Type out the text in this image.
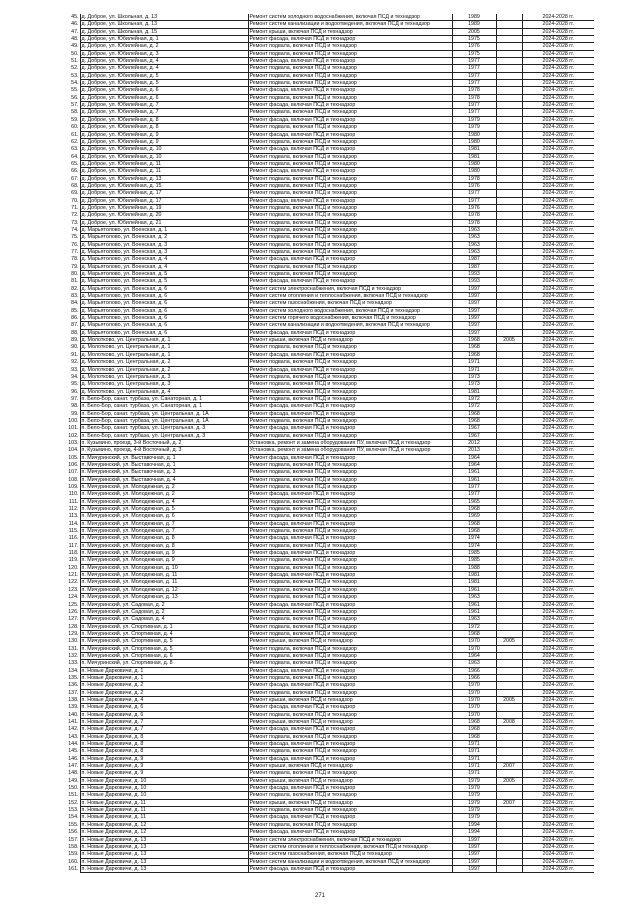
45.	д. Доброе, ул. Школьная, д. 13	Ремонт систем холодного водоснабжения, включая ПСД и технадзор	1989		2024-2028 гг.
46.	д. Доброе, ул. Школьная, д. 13	Ремонт систем канализации и водоотведения, включая ПСД и технадзор	1989		2024-2028 гг.
47.	д. Доброе, ул. Школьная, д. 15	Ремонт крыши, включая ПСД и технадзор	2005		2024-2028 гг.
48.	д. Доброе, ул. Юбилейная, д. 1	Ремонт фасада, включая ПСД и технадзор	1975		2024-2028 гг.
49.	д. Доброе, ул. Юбилейная, д. 2	Ремонт подвала, включая ПСД и технадзор	1976		2024-2028 гг.
50.	д. Доброе, ул. Юбилейная, д. 3	Ремонт подвала, включая ПСД и технадзор	1975		2024-2028 гг.
51.	д. Доброе, ул. Юбилейная, д. 4	Ремонт фасада, включая ПСД и технадзор	1977		2024-2028 гг.
52.	д. Доброе, ул. Юбилейная, д. 4	Ремонт подвала, включая ПСД и технадзор	1977		2024-2028 гг.
53.	д. Доброе, ул. Юбилейная, д. 5	Ремонт подвала, включая ПСД и технадзор	1977		2024-2028 гг.
54.	д. Доброе, ул. Юбилейная, д. 5	Ремонт подвала, включая ПСД и технадзор	1977		2024-2028 гг.
55.	д. Доброе, ул. Юбилейная, д. 6	Ремонт фасада, включая ПСД и технадзор	1978		2024-2028 гг.
56.	д. Доброе, ул. Юбилейная, д. 6	Ремонт подвала, включая ПСД и технадзор	1978		2024-2028 гг.
57.	д. Доброе, ул. Юбилейная, д. 7	Ремонт фасада, включая ПСД и технадзор	1977		2024-2028 гг.
58.	д. Доброе, ул. Юбилейная, д. 7	Ремонт подвала, включая ПСД и технадзор	1977		2024-2028 гг.
59.	д. Доброе, ул. Юбилейная, д. 8	Ремонт фасада, включая ПСД и технадзор	1979		2024-2028 гг.
60.	д. Доброе, ул. Юбилейная, д. 8	Ремонт подвала, включая ПСД и технадзор	1979		2024-2028 гг.
61.	д. Доброе, ул. Юбилейная, д. 9	Ремонт фасада, включая ПСД и технадзор	1980		2024-2028 гг.
62.	д. Доброе, ул. Юбилейная, д. 9	Ремонт подвала, включая ПСД и технадзор	1980		2024-2028 гг.
63.	д. Доброе, ул. Юбилейная, д. 10	Ремонт фасада, включая ПСД и технадзор	1981		2024-2028 гг.
64.	д. Доброе, ул. Юбилейная, д. 10	Ремонт подвала, включая ПСД и технадзор	1981		2024-2028 гг.
65.	д. Доброе, ул. Юбилейная, д. 11	Ремонт подвала, включая ПСД и технадзор	1980		2024-2028 гг.
66.	д. Доброе, ул. Юбилейная, д. 11	Ремонт фасада, включая ПСД и технадзор	1980		2024-2028 гг.
67.	д. Доброе, ул. Юбилейная, д. 13	Ремонт подвала, включая ПСД и технадзор	1978		2024-2028 гг.
68.	д. Доброе, ул. Юбилейная, д. 15	Ремонт подвала, включая ПСД и технадзор	1976		2024-2028 гг.
69.	д. Доброе, ул. Юбилейная, д. 17	Ремонт подвала, включая ПСД и технадзор	1977		2024-2028 гг.
70.	д. Доброе, ул. Юбилейная, д. 17	Ремонт фасада, включая ПСД и технадзор	1977		2024-2028 гг.
71.	д. Доброе, ул. Юбилейная, д. 19	Ремонт подвала, включая ПСД и технадзор	1976		2024-2028 гг.
72.	д. Доброе, ул. Юбилейная, д. 20	Ремонт подвала, включая ПСД и технадзор	1978		2024-2028 гг.
73.	д. Доброе, ул. Юбилейная, д. 21	Ремонт подвала, включая ПСД и технадзор	1978		2024-2028 гг.
74.	д. Марьятолово, ул. Военская, д. 1	Ремонт подвала, включая ПСД и технадзор	1963		2024-2028 гг.
75.	д. Марьятолово, ул. Военская, д. 2	Ремонт подвала, включая ПСД и технадзор	1963		2024-2028 гг.
76.	д. Марьятолово, ул. Военская, д. 3	Ремонт подвала, включая ПСД и технадзор	1963		2024-2028 гг.
77.	д. Марьятолово, ул. Военская, д. 3	Ремонт подвала, включая ПСД и технадзор	1963		2024-2028 гг.
78.	д. Марьятолово, ул. Военская, д. 4	Ремонт фасада, включая ПСД и технадзор	1987		2024-2028 гг.
79.	д. Марьятолово, ул. Военская, д. 4	Ремонт подвала, включая ПСД и технадзор	1987		2024-2028 гг.
80.	д. Марьятолово, ул. Военская, д. 5	Ремонт подвала, включая ПСД и технадзор	1993		2024-2028 гг.
81.	д. Марьятолово, ул. Военская, д. 5	Ремонт фасада, включая ПСД и технадзор	1993		2024-2028 гг.
82.	д. Марьятолово, ул. Военская, д. 6	Ремонт систем электроснабжения, включая ПСД и технадзор	1997		2024-2028 гг.
83.	д. Марьятолово, ул. Военская, д. 6	Ремонт систем отопления и теплоснабжения, включая ПСД и технадзор	1997		2024-2028 гг.
84.	д. Марьятолово, ул. Военская, д. 6	Ремонт систем газоснабжения, включая ПСД и технадзор	1997		2024-2028 гг.
85.	д. Марьятолово, ул. Военская, д. 6	Ремонт систем холодного водоснабжения, включая ПСД и технадзор	1997		2024-2028 гг.
86.	д. Марьятолово, ул. Военская, д. 6	Ремонт систем горячего водоснабжения, включая ПСД и технадзор	1997		2024-2028 гг.
87.	д. Марьятолово, ул. Военская, д. 6	Ремонт систем канализации и водоотведения, включая ПСД и технадзор	1997		2024-2028 гг.
88.	д. Марьятолово, ул. Военская, д. 6	Ремонт фасада, включая ПСД и технадзор	1997		2024-2028 гг.
89.	д. Молотково, ул. Центральная, д. 1	Ремонт крыши, включая ПСД и технадзор	1968	2005	2024-2028 гг.
90.	д. Молотково, ул. Центральная, д. 1	Ремонт подвала, включая ПСД и технадзор	1968		2024-2028 гг.
91.	д. Молотково, ул. Центральная, д. 1	Ремонт фасада, включая ПСД и технадзор	1968		2024-2028 гг.
92.	д. Молотково, ул. Центральная, д. 2	Ремонт подвала, включая ПСД и технадзор	1971		2024-2028 гг.
93.	д. Молотково, ул. Центральная, д. 2	Ремонт фасада, включая ПСД и технадзор	1971		2024-2028 гг.
94.	д. Молотково, ул. Центральная, д. 3	Ремонт подвала, включая ПСД и технадзор	1973		2024-2028 гг.
95.	д. Молотково, ул. Центральная, д. 3	Ремонт подвала, включая ПСД и технадзор	1973		2024-2028 гг.
96.	д. Молотково, ул. Центральная, д. 4	Ремонт подвала, включая ПСД и технадзор	1981		2024-2028 гг.
97.	п. Бело-Бор, санат. турбаза, ул. Санаторная, д. 1	Ремонт подвала, включая ПСД и технадзор	1972		2024-2028 гг.
98.	п. Бело-Бор, санат. турбаза, ул. Санаторная, д. 1	Ремонт фасада, включая ПСД и технадзор	1972		2024-2028 гг.
99.	п. Бело-Бор, санат. турбаза, ул. Центральная, д. 1А	Ремонт фасада, включая ПСД и технадзор	1968		2024-2028 гг.
100.	п. Бело-Бор, санат. турбаза, ул. Центральная, д. 1А	Ремонт подвала, включая ПСД и технадзор	1968		2024-2028 гг.
101.	п. Бело-Бор, санат. турбаза, ул. Центральная, д. 3	Ремонт фасада, включая ПСД и технадзор	1967		2024-2028 гг.
102.	п. Бело-Бор, санат. турбаза, ул. Центральная, д. 3	Ремонт подвала, включая ПСД и технадзор	1967		2024-2028 гг.
103.	п. Кузьмино, проезд, 3-й Восточный, д. 2	Установка, ремонт и замена оборудования ПУ, включая ПСД и технадзор	2012		2024-2028 гг.
104.	п. Кузьмино, проезд, 4-й Восточный, д. 3	Установка, ремонт и замена оборудования ПУ, включая ПСД и технадзор	2013		2024-2028 гг.
105.	п. Мичуринский, ул. Выставочная, д. 1	Ремонт фасада, включая ПСД и технадзор	1964		2024-2028 гг.
106.	п. Мичуринский, ул. Выставочная, д. 1	Ремонт подвала, включая ПСД и технадзор	1964		2024-2028 гг.
107.	п. Мичуринский, ул. Выставочная, д. 3	Ремонт подвала, включая ПСД и технадзор	1961		2024-2028 гг.
108.	п. Мичуринский, ул. Выставочная, д. 4	Ремонт подвала, включая ПСД и технадзор	1961		2024-2028 гг.
109.	п. Мичуринский, ул. Молодежная, д. 2	Ремонт подвала, включая ПСД и технадзор	1977		2024-2028 гг.
110.	п. Мичуринский, ул. Молодежная, д. 2	Ремонт фасада, включая ПСД и технадзор	1977		2024-2028 гг.
111.	п. Мичуринский, ул. Молодежная, д. 4	Ремонт подвала, включая ПСД и технадзор	1965		2024-2028 гг.
112.	п. Мичуринский, ул. Молодежная, д. 5	Ремонт подвала, включая ПСД и технадзор	1968		2024-2028 гг.
113.	п. Мичуринский, ул. Молодежная, д. 6	Ремонт подвала, включая ПСД и технадзор	1969		2024-2028 гг.
114.	п. Мичуринский, ул. Молодежная, д. 7	Ремонт фасада, включая ПСД и технадзор	1968		2024-2028 гг.
115.	п. Мичуринский, ул. Молодежная, д. 7	Ремонт подвала, включая ПСД и технадзор	1968		2024-2028 гг.
116.	п. Мичуринский, ул. Молодежная, д. 8	Ремонт фасада, включая ПСД и технадзор	1974		2024-2028 гг.
117.	п. Мичуринский, ул. Молодежная, д. 8	Ремонт подвала, включая ПСД и технадзор	1974		2024-2028 гг.
118.	п. Мичуринский, ул. Молодежная, д. 9	Ремонт фасада, включая ПСД и технадзор	1985		2024-2028 гг.
119.	п. Мичуринский, ул. Молодежная, д. 9	Ремонт подвала, включая ПСД и технадзор	1985		2024-2028 гг.
120.	п. Мичуринский, ул. Молодежная, д. 10	Ремонт подвала, включая ПСД и технадзор	1988		2024-2028 гг.
121.	п. Мичуринский, ул. Молодежная, д. 11	Ремонт фасада, включая ПСД и технадзор	1981		2024-2028 гг.
122.	п. Мичуринский, ул. Молодежная, д. 11	Ремонт подвала, включая ПСД и технадзор	1981		2024-2028 гг.
123.	п. Мичуринский, ул. Молодежная, д. 12	Ремонт подвала, включая ПСД и технадзор	1961		2024-2028 гг.
124.	п. Мичуринский, ул. Молодежная, д. 13	Ремонт подвала, включая ПСД и технадзор	1963		2024-2028 гг.
125.	п. Мичуринский, ул. Садовая, д. 2	Ремонт фасада, включая ПСД и технадзор	1961		2024-2028 гг.
126.	п. Мичуринский, ул. Садовая, д. 2	Ремонт подвала, включая ПСД и технадзор	1961		2024-2028 гг.
127.	п. Мичуринский, ул. Садовая, д. 4	Ремонт подвала, включая ПСД и технадзор	1963		2024-2028 гг.
128.	п. Мичуринский, ул. Спортивная, д. 1	Ремонт подвала, включая ПСД и технадзор	1972		2024-2028 гг.
129.	п. Мичуринский, ул. Спортивная, д. 4	Ремонт подвала, включая ПСД и технадзор	1968		2024-2028 гг.
130.	п. Мичуринский, ул. Спортивная, д. 5	Ремонт крыши, включая ПСД и технадзор	1970	2005	2024-2028 гг.
131.	п. Мичуринский, ул. Спортивная, д. 5	Ремонт подвала, включая ПСД и технадзор	1970		2024-2028 гг.
132.	п. Мичуринский, ул. Спортивная, д. 6	Ремонт подвала, включая ПСД и технадзор	1964		2024-2028 гг.
133.	п. Мичуринский, ул. Спортивная, д. 8	Ремонт подвала, включая ПСД и технадзор	1963		2024-2028 гг.
134.	п. Новые Дарковичи, д. 1	Ремонт фасада, включая ПСД и технадзор	1966		2024-2028 гг.
135.	п. Новые Дарковичи, д. 1	Ремонт подвала, включая ПСД и технадзор	1966		2024-2028 гг.
136.	п. Новые Дарковичи, д. 2	Ремонт фасада, включая ПСД и технадзор	1970		2024-2028 гг.
137.	п. Новые Дарковичи, д. 2	Ремонт подвала, включая ПСД и технадзор	1970		2024-2028 гг.
138.	п. Новые Дарковичи, д. 4	Ремонт крыши, включая ПСД и технадзор	1970	2005	2024-2028 гг.
139.	п. Новые Дарковичи, д. 6	Ремонт фасада, включая ПСД и технадзор	1970		2024-2028 гг.
140.	п. Новые Дарковичи, д. 6	Ремонт подвала, включая ПСД и технадзор	1970		2024-2028 гг.
141.	п. Новые Дарковичи, д. 7	Ремонт крыши, включая ПСД и технадзор	1968	2008	2024-2028 гг.
142.	п. Новые Дарковичи, д. 7	Ремонт фасада, включая ПСД и технадзор	1968		2024-2028 гг.
143.	п. Новые Дарковичи, д. 8	Ремонт подвала, включая ПСД и технадзор	1968		2024-2028 гг.
144.	п. Новые Дарковичи, д. 8	Ремонт фасада, включая ПСД и технадзор	1971		2024-2028 гг.
145.	п. Новые Дарковичи, д. 8	Ремонт подвала, включая ПСД и технадзор	1971		2024-2028 гг.
146.	п. Новые Дарковичи, д. 9	Ремонт фасада, включая ПСД и технадзор	1971		2024-2028 гг.
147.	п. Новые Дарковичи, д. 9	Ремонт крыши, включая ПСД и технадзор	1971	2007	2024-2028 гг.
148.	п. Новые Дарковичи, д. 9	Ремонт подвала, включая ПСД и технадзор	1971		2024-2028 гг.
149.	п. Новые Дарковичи, д. 10	Ремонт крыши, включая ПСД и технадзор	1979	2005	2024-2028 гг.
150.	п. Новые Дарковичи, д. 10	Ремонт фасада, включая ПСД и технадзор	1979		2024-2028 гг.
151.	п. Новые Дарковичи, д. 10	Ремонт подвала, включая ПСД и технадзор	1979		2024-2028 гг.
152.	п. Новые Дарковичи, д. 11	Ремонт крыши, включая ПСД и технадзор	1979	2007	2024-2028 гг.
153.	п. Новые Дарковичи, д. 11	Ремонт подвала, включая ПСД и технадзор	1979		2024-2028 гг.
154.	п. Новые Дарковичи, д. 11	Ремонт фасада, включая ПСД и технадзор	1979		2024-2028 гг.
155.	п. Новые Дарковичи, д. 12	Ремонт подвала, включая ПСД и технадзор	1994		2024-2028 гг.
156.	п. Новые Дарковичи, д. 12	Ремонт фасада, включая ПСД и технадзор	1994		2024-2028 гг.
157.	п. Новые Дарковичи, д. 13	Ремонт систем электроснабжения, включая ПСД и технадзор	1997		2024-2028 гг.
158.	п. Новые Дарковичи, д. 13	Ремонт систем отопления и теплоснабжения, включая ПСД и технадзор	1997		2024-2028 гг.
159.	п. Новые Дарковичи, д. 13	Ремонт систем газоснабжения, включая ПСД и технадзор	1997		2024-2028 гг.
160.	п. Новые Дарковичи, д. 13	Ремонт систем канализации и водоотведения, включая ПСД и технадзор	1997		2024-2028 гг.
161.	п. Новые Дарковичи, д. 13	Ремонт фасада, включая ПСД и технадзор	1997		2024-2028 гг.
271
